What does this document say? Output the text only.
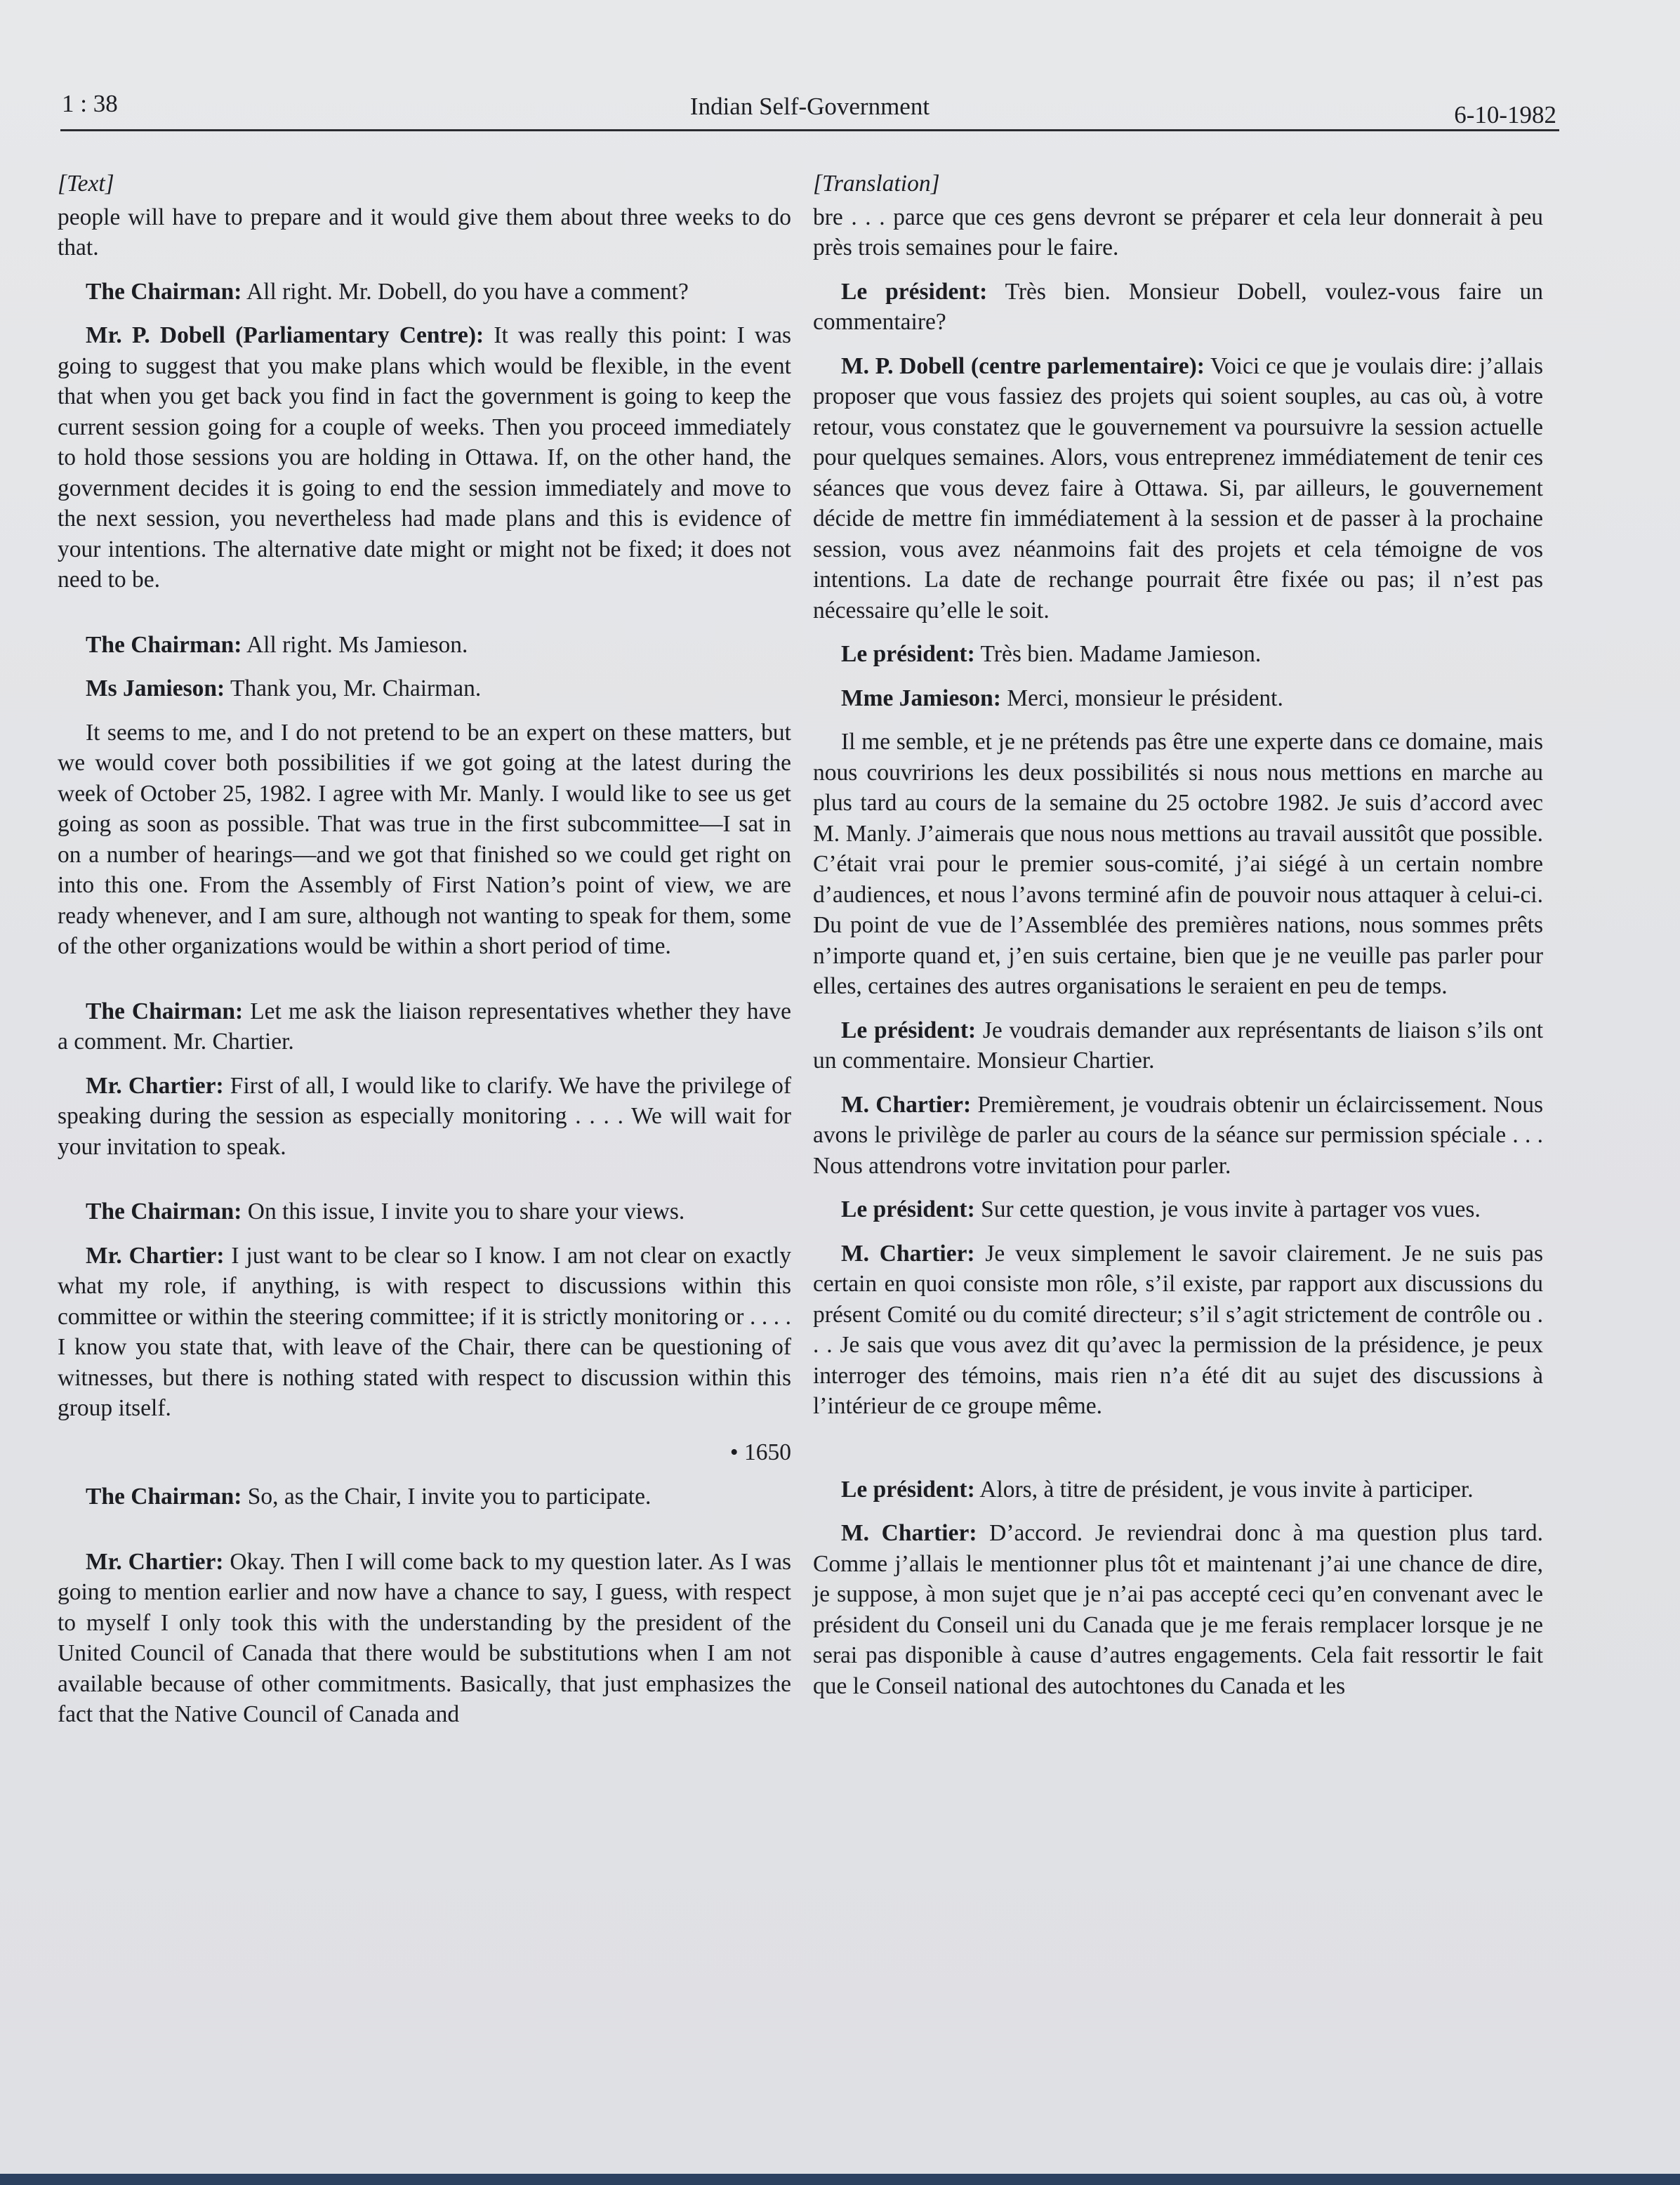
1 : 38	Indian Self-Government	6-10-1982
[Text]

people will have to prepare and it would give them about three weeks to do that.

The Chairman: All right. Mr. Dobell, do you have a comment?

Mr. P. Dobell (Parliamentary Centre): It was really this point: I was going to suggest that you make plans which would be flexible, in the event that when you get back you find in fact the government is going to keep the current session going for a couple of weeks. Then you proceed immediately to hold those sessions you are holding in Ottawa. If, on the other hand, the government decides it is going to end the session immediately and move to the next session, you nevertheless had made plans and this is evidence of your intentions. The alternative date might or might not be fixed; it does not need to be.

The Chairman: All right. Ms Jamieson.

Ms Jamieson: Thank you, Mr. Chairman.

It seems to me, and I do not pretend to be an expert on these matters, but we would cover both possibilities if we got going at the latest during the week of October 25, 1982. I agree with Mr. Manly. I would like to see us get going as soon as possible. That was true in the first subcommittee—I sat in on a number of hearings—and we got that finished so we could get right on into this one. From the Assembly of First Nation’s point of view, we are ready whenever, and I am sure, although not wanting to speak for them, some of the other organizations would be within a short period of time.

The Chairman: Let me ask the liaison representatives whether they have a comment. Mr. Chartier.

Mr. Chartier: First of all, I would like to clarify. We have the privilege of speaking during the session as especially monitoring . . . . We will wait for your invitation to speak.

The Chairman: On this issue, I invite you to share your views.

Mr. Chartier: I just want to be clear so I know. I am not clear on exactly what my role, if anything, is with respect to discussions within this committee or within the steering committee; if it is strictly monitoring or . . . . I know you state that, with leave of the Chair, there can be questioning of witnesses, but there is nothing stated with respect to discussion within this group itself.

• 1650

The Chairman: So, as the Chair, I invite you to participate.

Mr. Chartier: Okay. Then I will come back to my question later. As I was going to mention earlier and now have a chance to say, I guess, with respect to myself I only took this with the understanding by the president of the United Council of Canada that there would be substitutions when I am not available because of other commitments. Basically, that just emphasizes the fact that the Native Council of Canada and

[Translation]

bre . . . parce que ces gens devront se préparer et cela leur donnerait à peu près trois semaines pour le faire.

Le président: Très bien. Monsieur Dobell, voulez-vous faire un commentaire?

M. P. Dobell (centre parlementaire): Voici ce que je voulais dire: j’allais proposer que vous fassiez des projets qui soient souples, au cas où, à votre retour, vous constatez que le gouvernement va poursuivre la session actuelle pour quelques semaines. Alors, vous entreprenez immédiatement de tenir ces séances que vous devez faire à Ottawa. Si, par ailleurs, le gouvernement décide de mettre fin immédiatement à la session et de passer à la prochaine session, vous avez néanmoins fait des projets et cela témoigne de vos intentions. La date de rechange pourrait être fixée ou pas; il n’est pas nécessaire qu’elle le soit.

Le président: Très bien. Madame Jamieson.

Mme Jamieson: Merci, monsieur le président.

Il me semble, et je ne prétends pas être une experte dans ce domaine, mais nous couvririons les deux possibilités si nous nous mettions en marche au plus tard au cours de la semaine du 25 octobre 1982. Je suis d’accord avec M. Manly. J’aimerais que nous nous mettions au travail aussitôt que possible. C’était vrai pour le premier sous-comité, j’ai siégé à un certain nombre d’audiences, et nous l’avons terminé afin de pouvoir nous attaquer à celui-ci. Du point de vue de l’Assemblée des premières nations, nous sommes prêts n’importe quand et, j’en suis certaine, bien que je ne veuille pas parler pour elles, certaines des autres organisations le seraient en peu de temps.

Le président: Je voudrais demander aux représentants de liaison s’ils ont un commentaire. Monsieur Chartier.

M. Chartier: Premièrement, je voudrais obtenir un éclaircissement. Nous avons le privilège de parler au cours de la séance sur permission spéciale . . . Nous attendrons votre invitation pour parler.

Le président: Sur cette question, je vous invite à partager vos vues.

M. Chartier: Je veux simplement le savoir clairement. Je ne suis pas certain en quoi consiste mon rôle, s’il existe, par rapport aux discussions du présent Comité ou du comité directeur; s’il s’agit strictement de contrôle ou . . . Je sais que vous avez dit qu’avec la permission de la présidence, je peux interroger des témoins, mais rien n’a été dit au sujet des discussions à l’intérieur de ce groupe même.

Le président: Alors, à titre de président, je vous invite à participer.

M. Chartier: D’accord. Je reviendrai donc à ma question plus tard. Comme j’allais le mentionner plus tôt et maintenant j’ai une chance de dire, je suppose, à mon sujet que je n’ai pas accepté ceci qu’en convenant avec le président du Conseil uni du Canada que je me ferais remplacer lorsque je ne serai pas disponible à cause d’autres engagements. Cela fait ressortir le fait que le Conseil national des autochtones du Canada et les
